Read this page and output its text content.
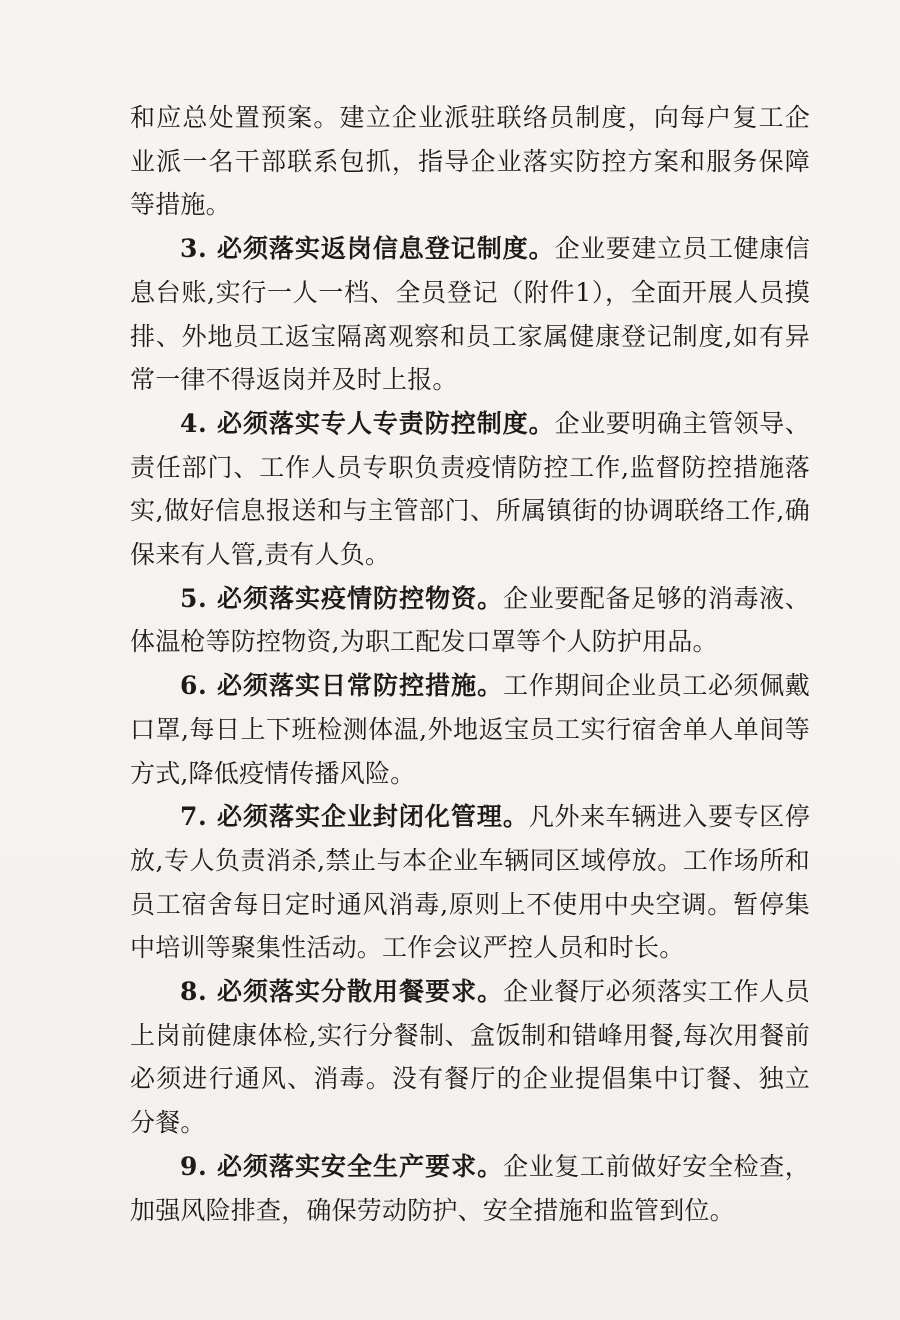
和应总处置预案。建立企业派驻联络员制度，向每户复工企业派一名干部联系包抓，指导企业落实防控方案和服务保障等措施。

3. 必须落实返岗信息登记制度。企业要建立员工健康信息台账,实行一人一档、全员登记（附件1），全面开展人员摸排、外地员工返宝隔离观察和员工家属健康登记制度,如有异常一律不得返岗并及时上报。

4. 必须落实专人专责防控制度。企业要明确主管领导、责任部门、工作人员专职负责疫情防控工作,监督防控措施落实,做好信息报送和与主管部门、所属镇街的协调联络工作,确保来有人管,责有人负。

5. 必须落实疫情防控物资。企业要配备足够的消毒液、体温枪等防控物资,为职工配发口罩等个人防护用品。

6. 必须落实日常防控措施。工作期间企业员工必须佩戴口罩,每日上下班检测体温,外地返宝员工实行宿舍单人单间等方式,降低疫情传播风险。

7. 必须落实企业封闭化管理。凡外来车辆进入要专区停放,专人负责消杀,禁止与本企业车辆同区域停放。工作场所和员工宿舍每日定时通风消毒,原则上不使用中央空调。暂停集中培训等聚集性活动。工作会议严控人员和时长。

8. 必须落实分散用餐要求。企业餐厅必须落实工作人员上岗前健康体检,实行分餐制、盒饭制和错峰用餐,每次用餐前必须进行通风、消毒。没有餐厅的企业提倡集中订餐、独立分餐。

9. 必须落实安全生产要求。企业复工前做好安全检查，加强风险排查，确保劳动防护、安全措施和监管到位。
